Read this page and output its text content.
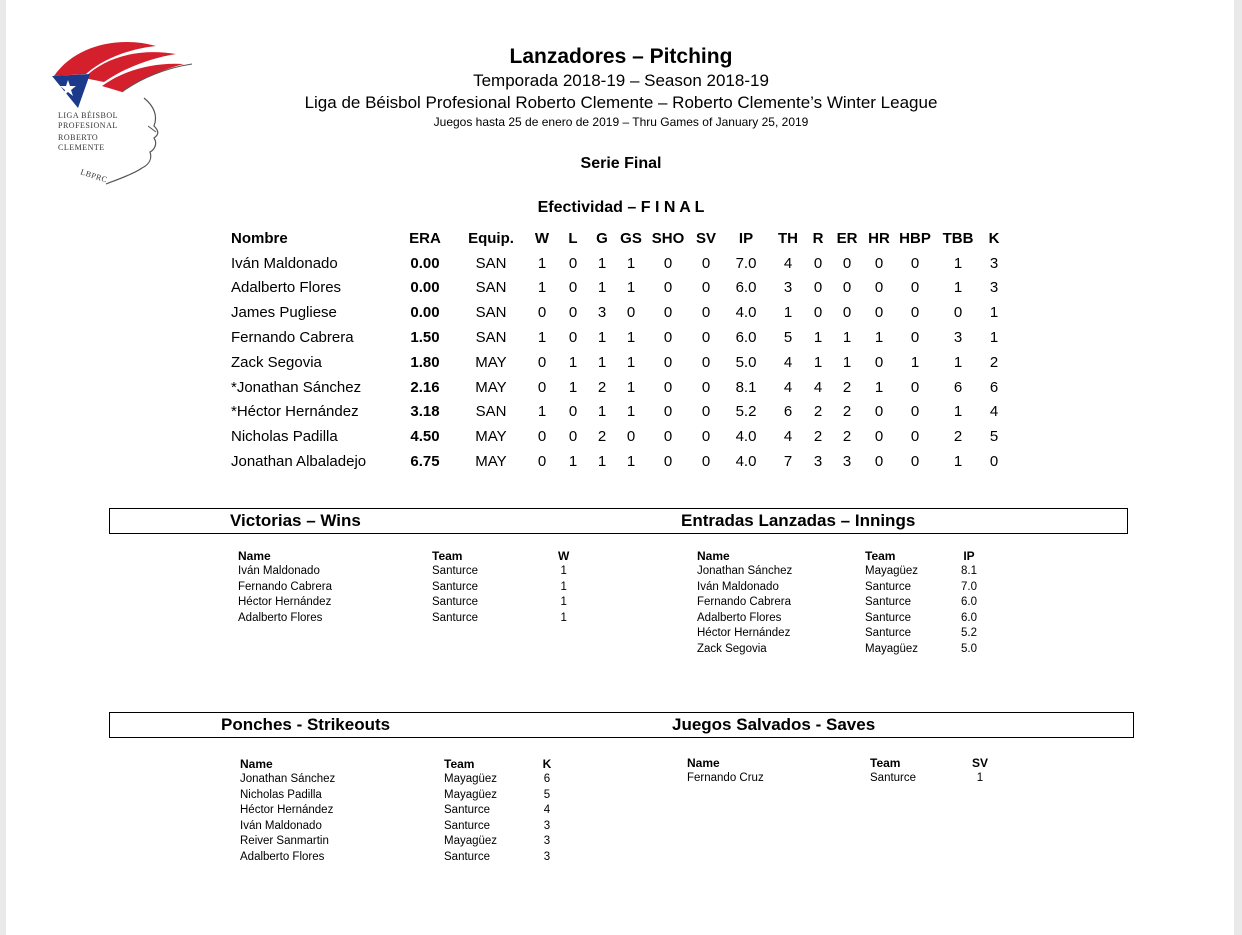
LIGA BÉISBOL
PROFESIONAL
ROBERTO
CLEMENTE
LBPRC
Lanzadores – Pitching
Temporada 2018-19 – Season 2018-19
Liga de Béisbol Profesional Roberto Clemente – Roberto Clemente’s Winter League
Juegos hasta 25 de enero de 2019 – Thru Games of January 25, 2019
Serie Final
Efectividad – F I N A L
Nombre	ERA	Equip.	W	L	G	GS	SHO	SV	IP	TH	R	ER	HR	HBP	TBB	K
Iván Maldonado	0.00	SAN	1	0	1	1	0	0	7.0	4	0	0	0	0	1	3
Adalberto Flores	0.00	SAN	1	0	1	1	0	0	6.0	3	0	0	0	0	1	3
James Pugliese	0.00	SAN	0	0	3	0	0	0	4.0	1	0	0	0	0	0	1
Fernando Cabrera	1.50	SAN	1	0	1	1	0	0	6.0	5	1	1	1	0	3	1
Zack Segovia	1.80	MAY	0	1	1	1	0	0	5.0	4	1	1	0	1	1	2
*Jonathan Sánchez	2.16	MAY	0	1	2	1	0	0	8.1	4	4	2	1	0	6	6
*Héctor Hernández	3.18	SAN	1	0	1	1	0	0	5.2	6	2	2	0	0	1	4
Nicholas Padilla	4.50	MAY	0	0	2	0	0	0	4.0	4	2	2	0	0	2	5
Jonathan Albaladejo	6.75	MAY	0	1	1	1	0	0	4.0	7	3	3	0	0	1	0
Victorias – Wins	Entradas Lanzadas – Innings
Name	Team	W
Iván Maldonado	Santurce	1
Fernando Cabrera	Santurce	1
Héctor Hernández	Santurce	1
Adalberto Flores	Santurce	1
Name	Team	IP
Jonathan Sánchez	Mayagüez	8.1
Iván Maldonado	Santurce	7.0
Fernando Cabrera	Santurce	6.0
Adalberto Flores	Santurce	6.0
Héctor Hernández	Santurce	5.2
Zack Segovia	Mayagüez	5.0
Ponches - Strikeouts	Juegos Salvados - Saves
Name	Team	K
Jonathan Sánchez	Mayagüez	6
Nicholas Padilla	Mayagüez	5
Héctor Hernández	Santurce	4
Iván Maldonado	Santurce	3
Reiver Sanmartin	Mayagüez	3
Adalberto Flores	Santurce	3
Name	Team	SV
Fernando Cruz	Santurce	1
